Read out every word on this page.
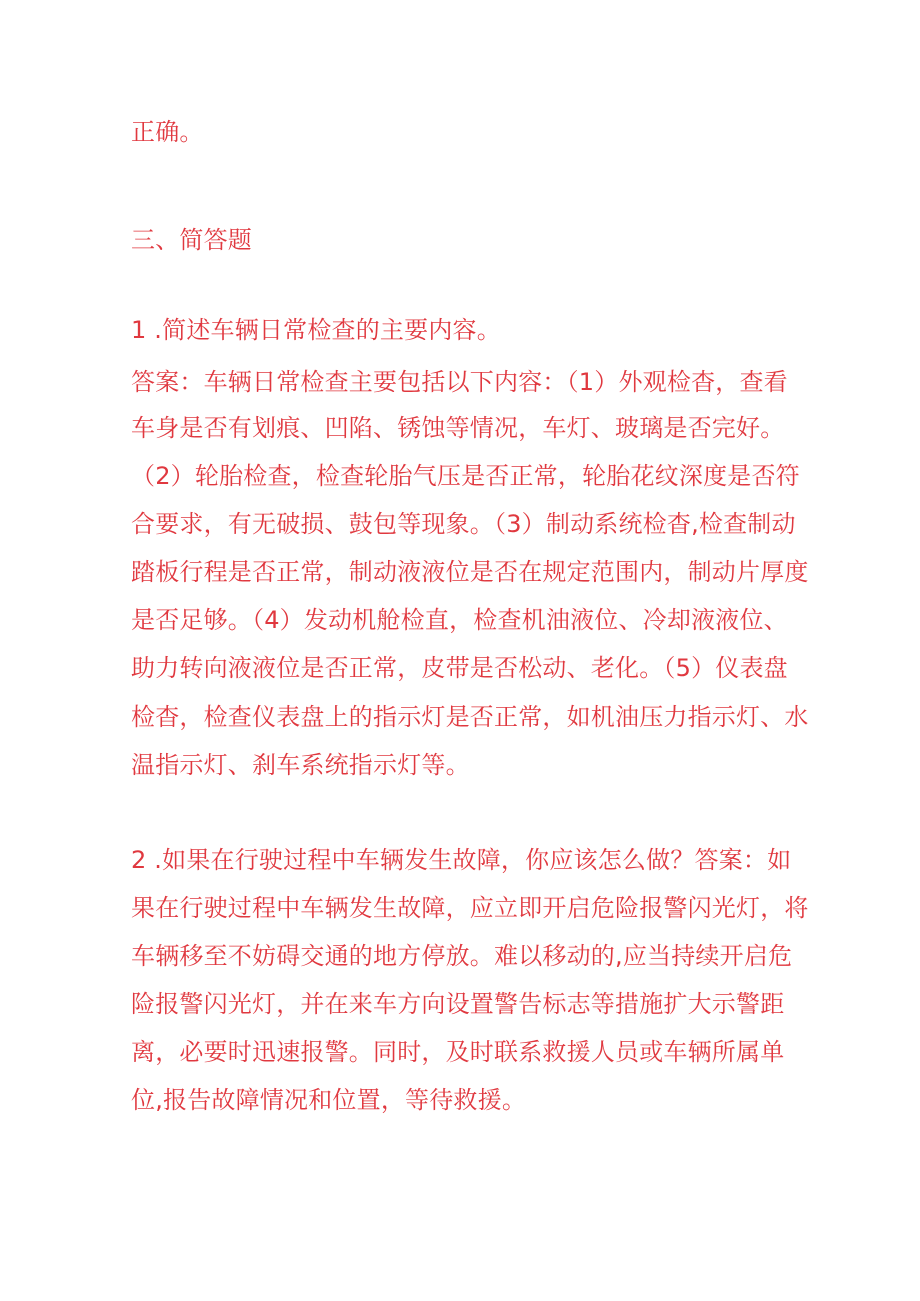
正确。
三、简答题
1 .简述车辆日常检查的主要内容。
答案：车辆日常检查主要包括以下内容：（1）外观检杳，查看
车身是否有划痕、凹陷、锈蚀等情况，车灯、玻璃是否完好。
（2）轮胎检查，检查轮胎气压是否正常，轮胎花纹深度是否符
合要求，有无破损、鼓包等现象。（3）制动系统检杳,检查制动
踏板行程是否正常，制动液液位是否在规定范围内，制动片厚度
是否足够。（4）发动机舱检直，检查机油液位、冷却液液位、
助力转向液液位是否正常，皮带是否松动、老化。（5）仪表盘
检杳，检查仪表盘上的指示灯是否正常，如机油压力指示灯、水
温指示灯、刹车系统指示灯等。
2 .如果在行驶过程中车辆发生故障，你应该怎么做？答案：如
果在行驶过程中车辆发生故障，应立即开启危险报警闪光灯，将
车辆移至不妨碍交通的地方停放。难以移动的,应当持续开启危
险报警闪光灯，并在来车方向设置警告标志等措施扩大示警距
离，必要时迅速报警。同时，及时联系救援人员或车辆所属单
位,报告故障情况和位置，等待救援。
